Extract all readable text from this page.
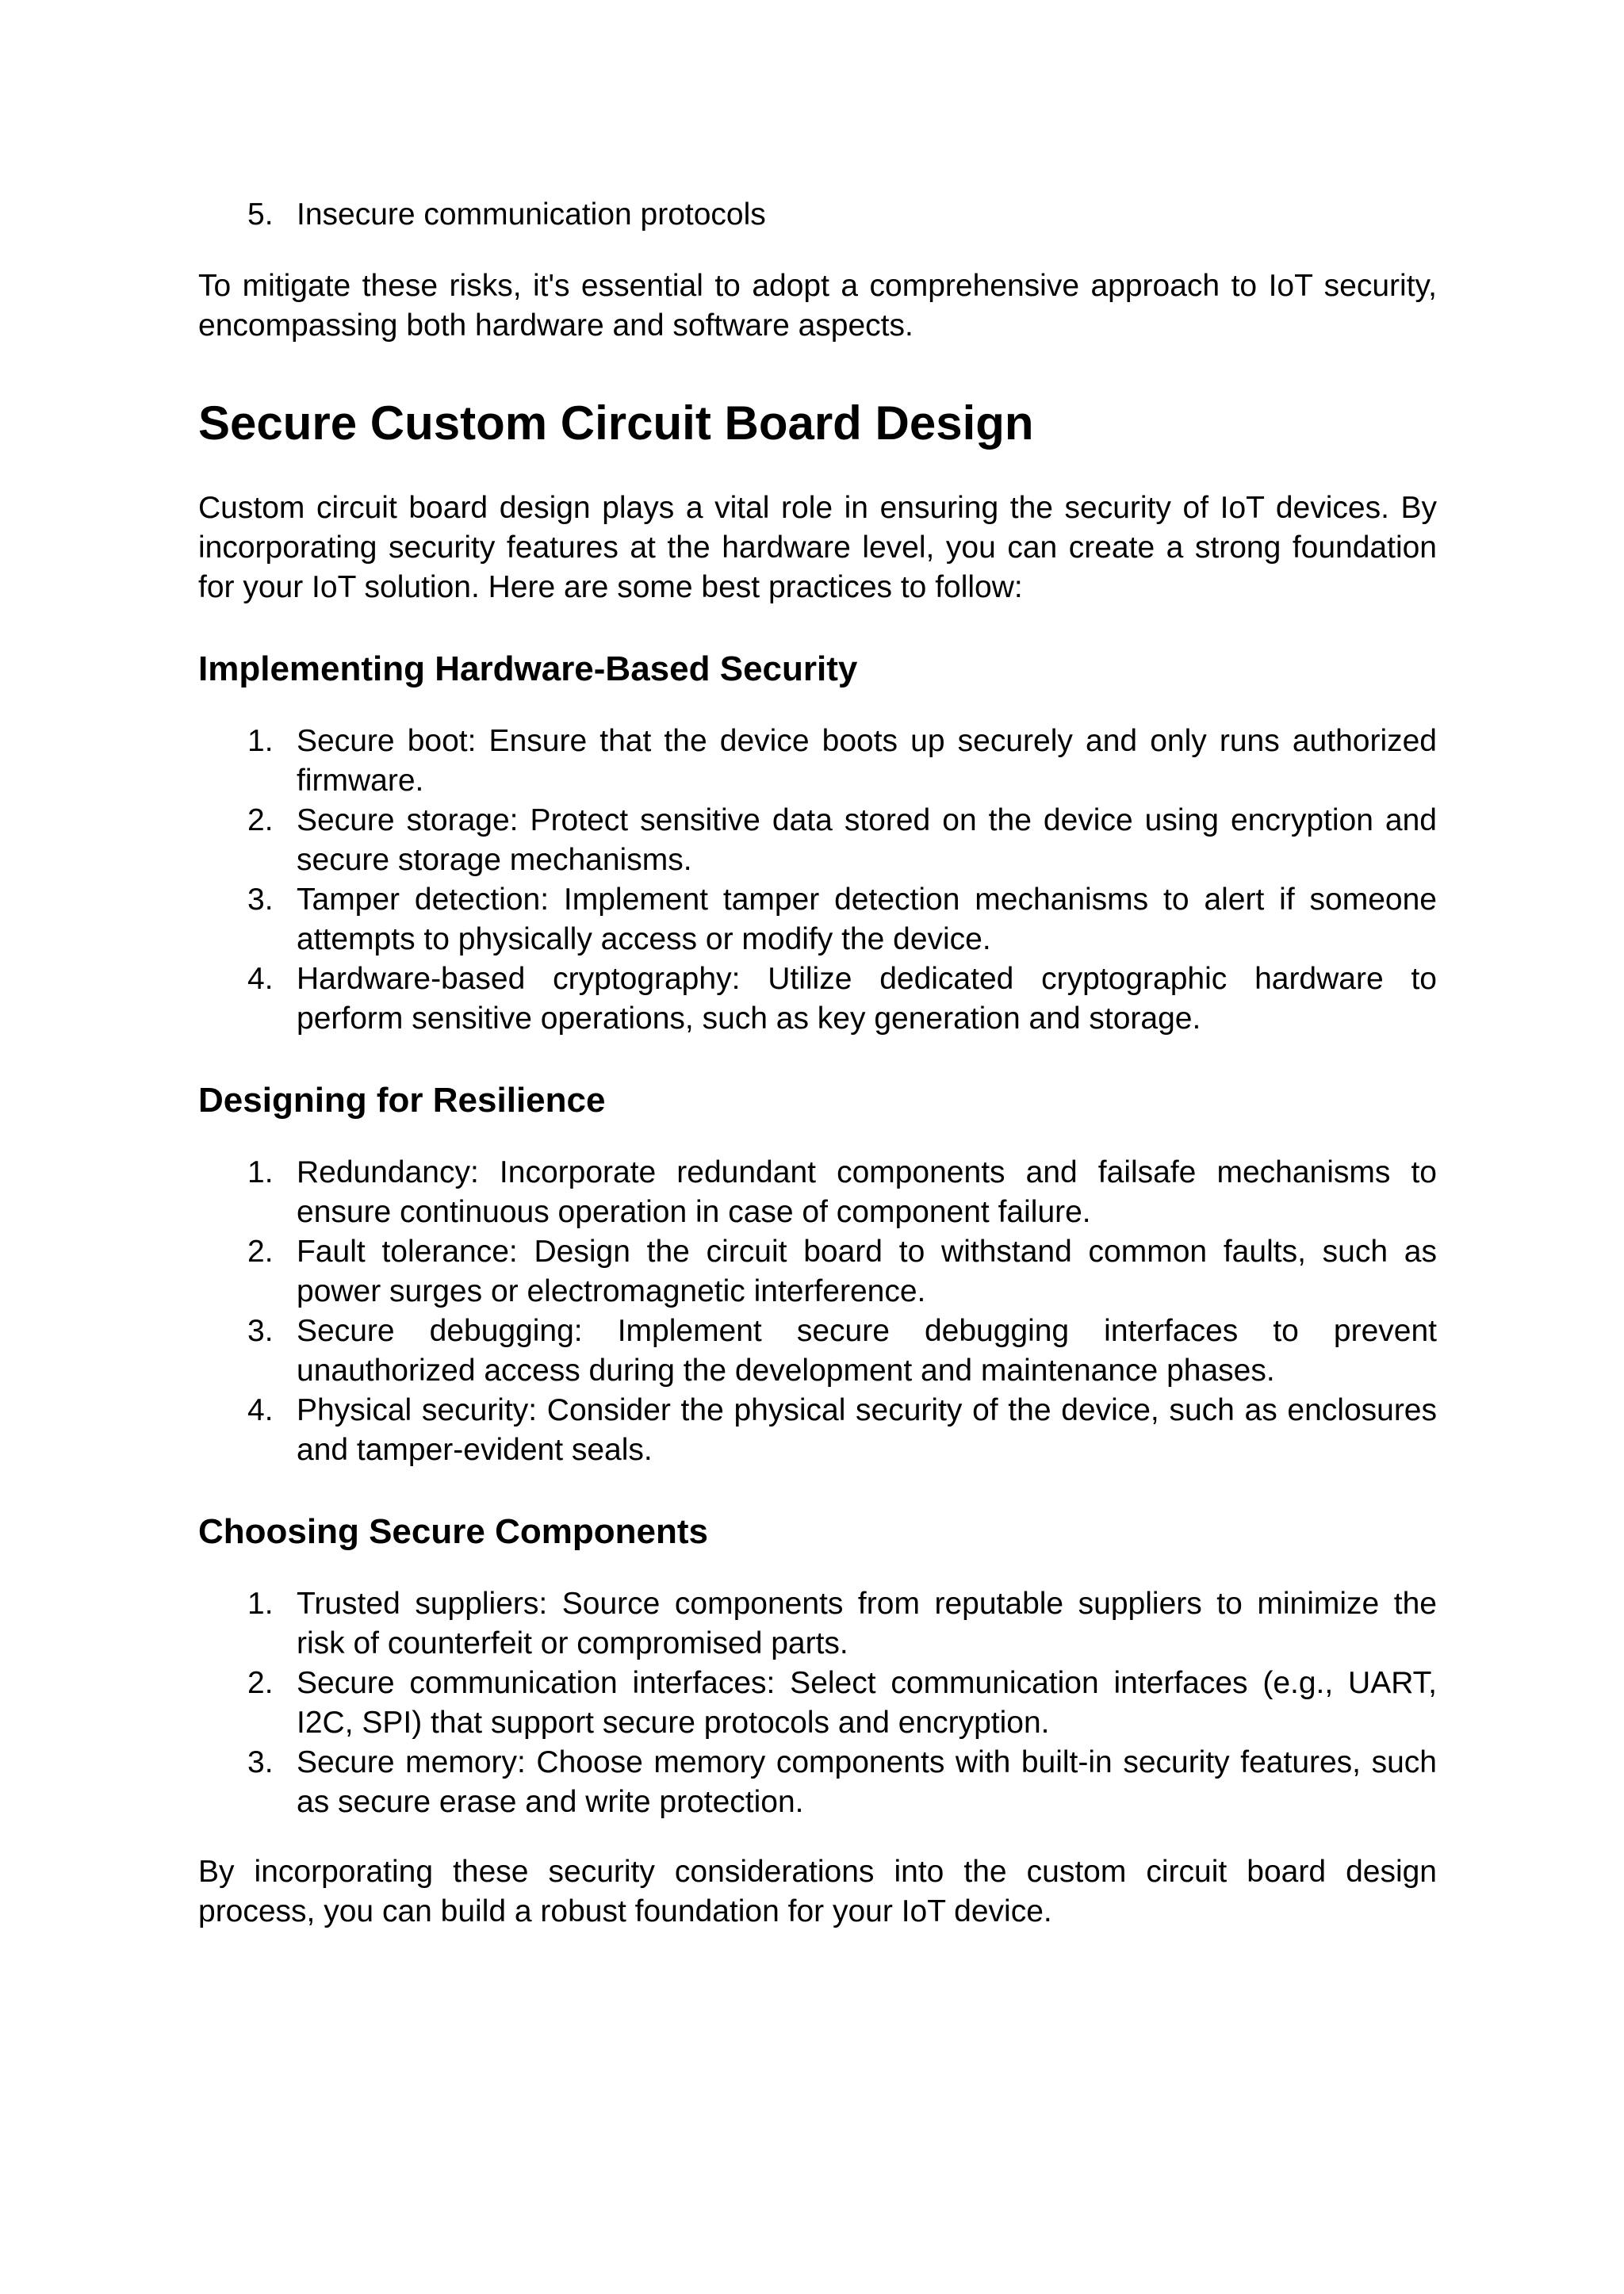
5. Insecure communication protocols

To mitigate these risks, it's essential to adopt a comprehensive approach to IoT security, encompassing both hardware and software aspects.

Secure Custom Circuit Board Design

Custom circuit board design plays a vital role in ensuring the security of IoT devices. By incorporating security features at the hardware level, you can create a strong foundation for your IoT solution. Here are some best practices to follow:

Implementing Hardware-Based Security
1. Secure boot: Ensure that the device boots up securely and only runs authorized firmware.
2. Secure storage: Protect sensitive data stored on the device using encryption and secure storage mechanisms.
3. Tamper detection: Implement tamper detection mechanisms to alert if someone attempts to physically access or modify the device.
4. Hardware-based cryptography: Utilize dedicated cryptographic hardware to perform sensitive operations, such as key generation and storage.
Designing for Resilience
1. Redundancy: Incorporate redundant components and failsafe mechanisms to ensure continuous operation in case of component failure.
2. Fault tolerance: Design the circuit board to withstand common faults, such as power surges or electromagnetic interference.
3. Secure debugging: Implement secure debugging interfaces to prevent unauthorized access during the development and maintenance phases.
4. Physical security: Consider the physical security of the device, such as enclosures and tamper-evident seals.
Choosing Secure Components
1. Trusted suppliers: Source components from reputable suppliers to minimize the risk of counterfeit or compromised parts.
2. Secure communication interfaces: Select communication interfaces (e.g., UART, I2C, SPI) that support secure protocols and encryption.
3. Secure memory: Choose memory components with built-in security features, such as secure erase and write protection.

By incorporating these security considerations into the custom circuit board design process, you can build a robust foundation for your IoT device.
